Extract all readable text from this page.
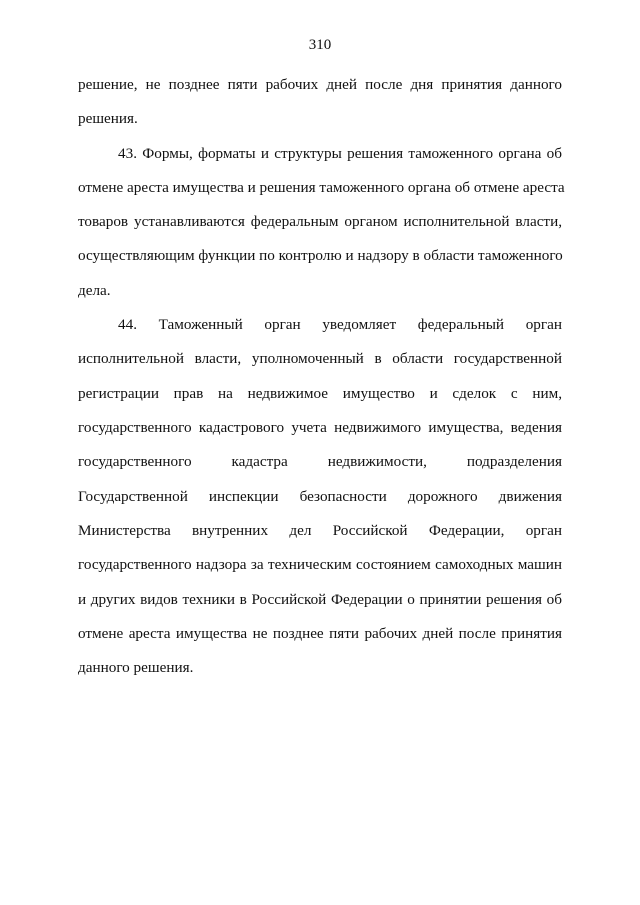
310
решение, не позднее пяти рабочих дней после дня принятия данного
решения.
43. Формы, форматы и структуры решения таможенного органа об
отмене ареста имущества и решения таможенного органа об отмене ареста
товаров устанавливаются федеральным органом исполнительной власти,
осуществляющим функции по контролю и надзору в области таможенного
дела.
44. Таможенный орган уведомляет федеральный орган
исполнительной власти, уполномоченный в области государственной
регистрации прав на недвижимое имущество и сделок с ним,
государственного кадастрового учета недвижимого имущества, ведения
государственного кадастра недвижимости, подразделения
Государственной инспекции безопасности дорожного движения
Министерства внутренних дел Российской Федерации, орган
государственного надзора за техническим состоянием самоходных машин
и других видов техники в Российской Федерации о принятии решения об
отмене ареста имущества не позднее пяти рабочих дней после принятия
данного решения.
